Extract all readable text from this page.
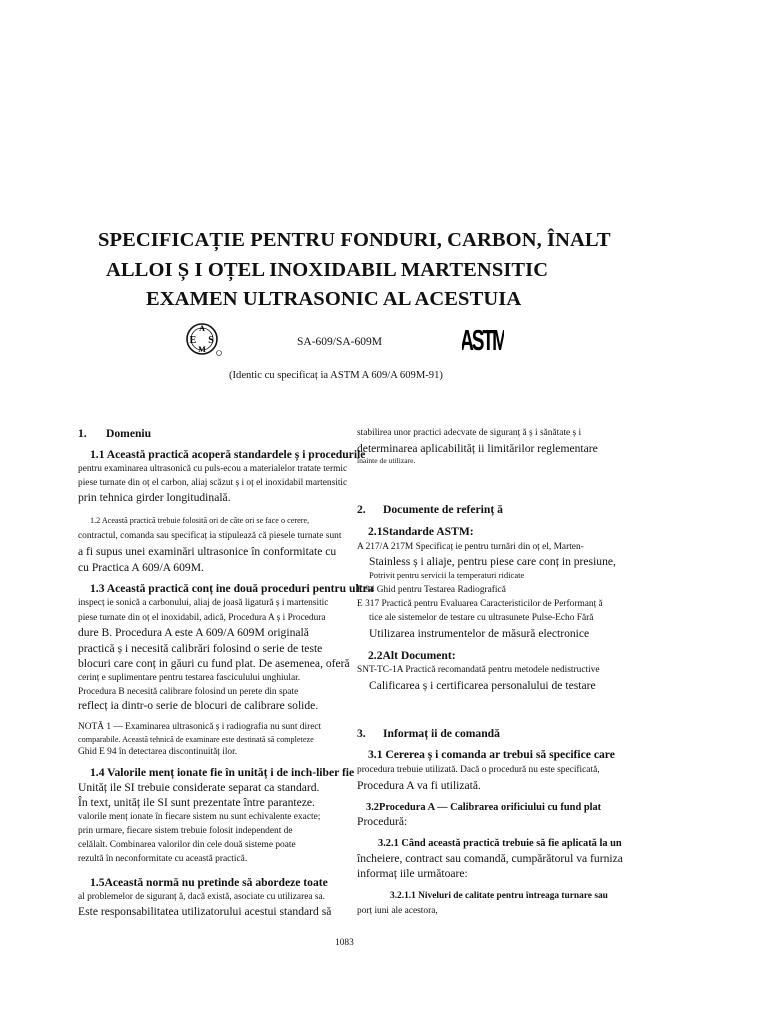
SPECIFICAȚIE PENTRU FONDURI, CARBON, ÎNALT
ALLOI Ș I OȚEL INOXIDABIL MARTENSITIC
EXAMEN ULTRASONIC AL ACESTUIA
A
E S
M
SA-609/SA-609M	ASTM
(Identic cu specificaț ia ASTM A 609/A 609M-91)
1. Domeniu
1.1 Această practică acoperă standardele ș i procedurile
pentru examinarea ultrasonică cu puls-ecou a materialelor tratate termic
piese turnate din oț el carbon, aliaj scăzut ș i oț el inoxidabil martensitic
prin tehnica girder longitudinală.
1.2 Această practică trebuie folosită ori de câte ori se face o cerere,
contractul, comanda sau specificaț ia stipulează că piesele turnate sunt
a fi supus unei examinări ultrasonice în conformitate cu
cu Practica A 609/A 609M.
1.3 Această practică conț ine două proceduri pentru ultra
inspecț ie sonică a carbonului, aliaj de joasă ligatură ș i martensitic
piese turnate din oț el inoxidabil, adică, Procedura A ș i Procedura
dure B. Procedura A este A 609/A 609M originală
practică ș i necesită calibrări folosind o serie de teste
blocuri care conț in găuri cu fund plat. De asemenea, oferă
cerinț e suplimentare pentru testarea fasciculului unghiular.
Procedura B necesită calibrare folosind un perete din spate
reflecț ia dintr-o serie de blocuri de calibrare solide.
NOTĂ 1 — Examinarea ultrasonică ș i radiografia nu sunt direct
comparabile. Această tehnică de examinare este destinată să completeze
Ghid E 94 în detectarea discontinuităț ilor.
1.4 Valorile menț ionate fie în unităț i de inch-liber fie
Unităț ile SI trebuie considerate separat ca standard.
În text, unităț ile SI sunt prezentate între paranteze.
valorile menț ionate în fiecare sistem nu sunt echivalente exacte;
prin urmare, fiecare sistem trebuie folosit independent de
celălalt. Combinarea valorilor din cele două sisteme poate
rezultă în neconformitate cu această practică.
1.5Această normă nu pretinde să abordeze toate
al problemelor de siguranț ă, dacă există, asociate cu utilizarea sa.
Este responsabilitatea utilizatorului acestui standard să
stabilirea unor practici adecvate de siguranț ă ș i sănătate ș i
determinarea aplicabilităț ii limitărilor reglementare
înainte de utilizare.
2. Documente de referinț ă
2.1Standarde ASTM:
A 217/A 217M Specificaț ie pentru turnări din oț el, Marten-
Stainless ș i aliaje, pentru piese care conț in presiune,
Potrivit pentru servicii la temperaturi ridicate
E 94 Ghid pentru Testarea Radiografică
E 317 Practică pentru Evaluarea Caracteristicilor de Performanț ă
tice ale sistemelor de testare cu ultrasunete Pulse-Echo Fără
Utilizarea instrumentelor de măsură electronice
2.2Alt Document:
SNT-TC-1A Practică recomandată pentru metodele nedistructive
Calificarea ș i certificarea personalului de testare
3. Informaț ii de comandă
3.1 Cererea ș i comanda ar trebui să specifice care
procedura trebuie utilizată. Dacă o procedură nu este specificată,
Procedura A va fi utilizată.
3.2Procedura A — Calibrarea orificiului cu fund plat
Procedură:
3.2.1 Când această practică trebuie să fie aplicată la un
încheiere, contract sau comandă, cumpărătorul va furniza
informaț iile următoare:
3.2.1.1 Niveluri de calitate pentru întreaga turnare sau
porț iuni ale acestora,
1083
